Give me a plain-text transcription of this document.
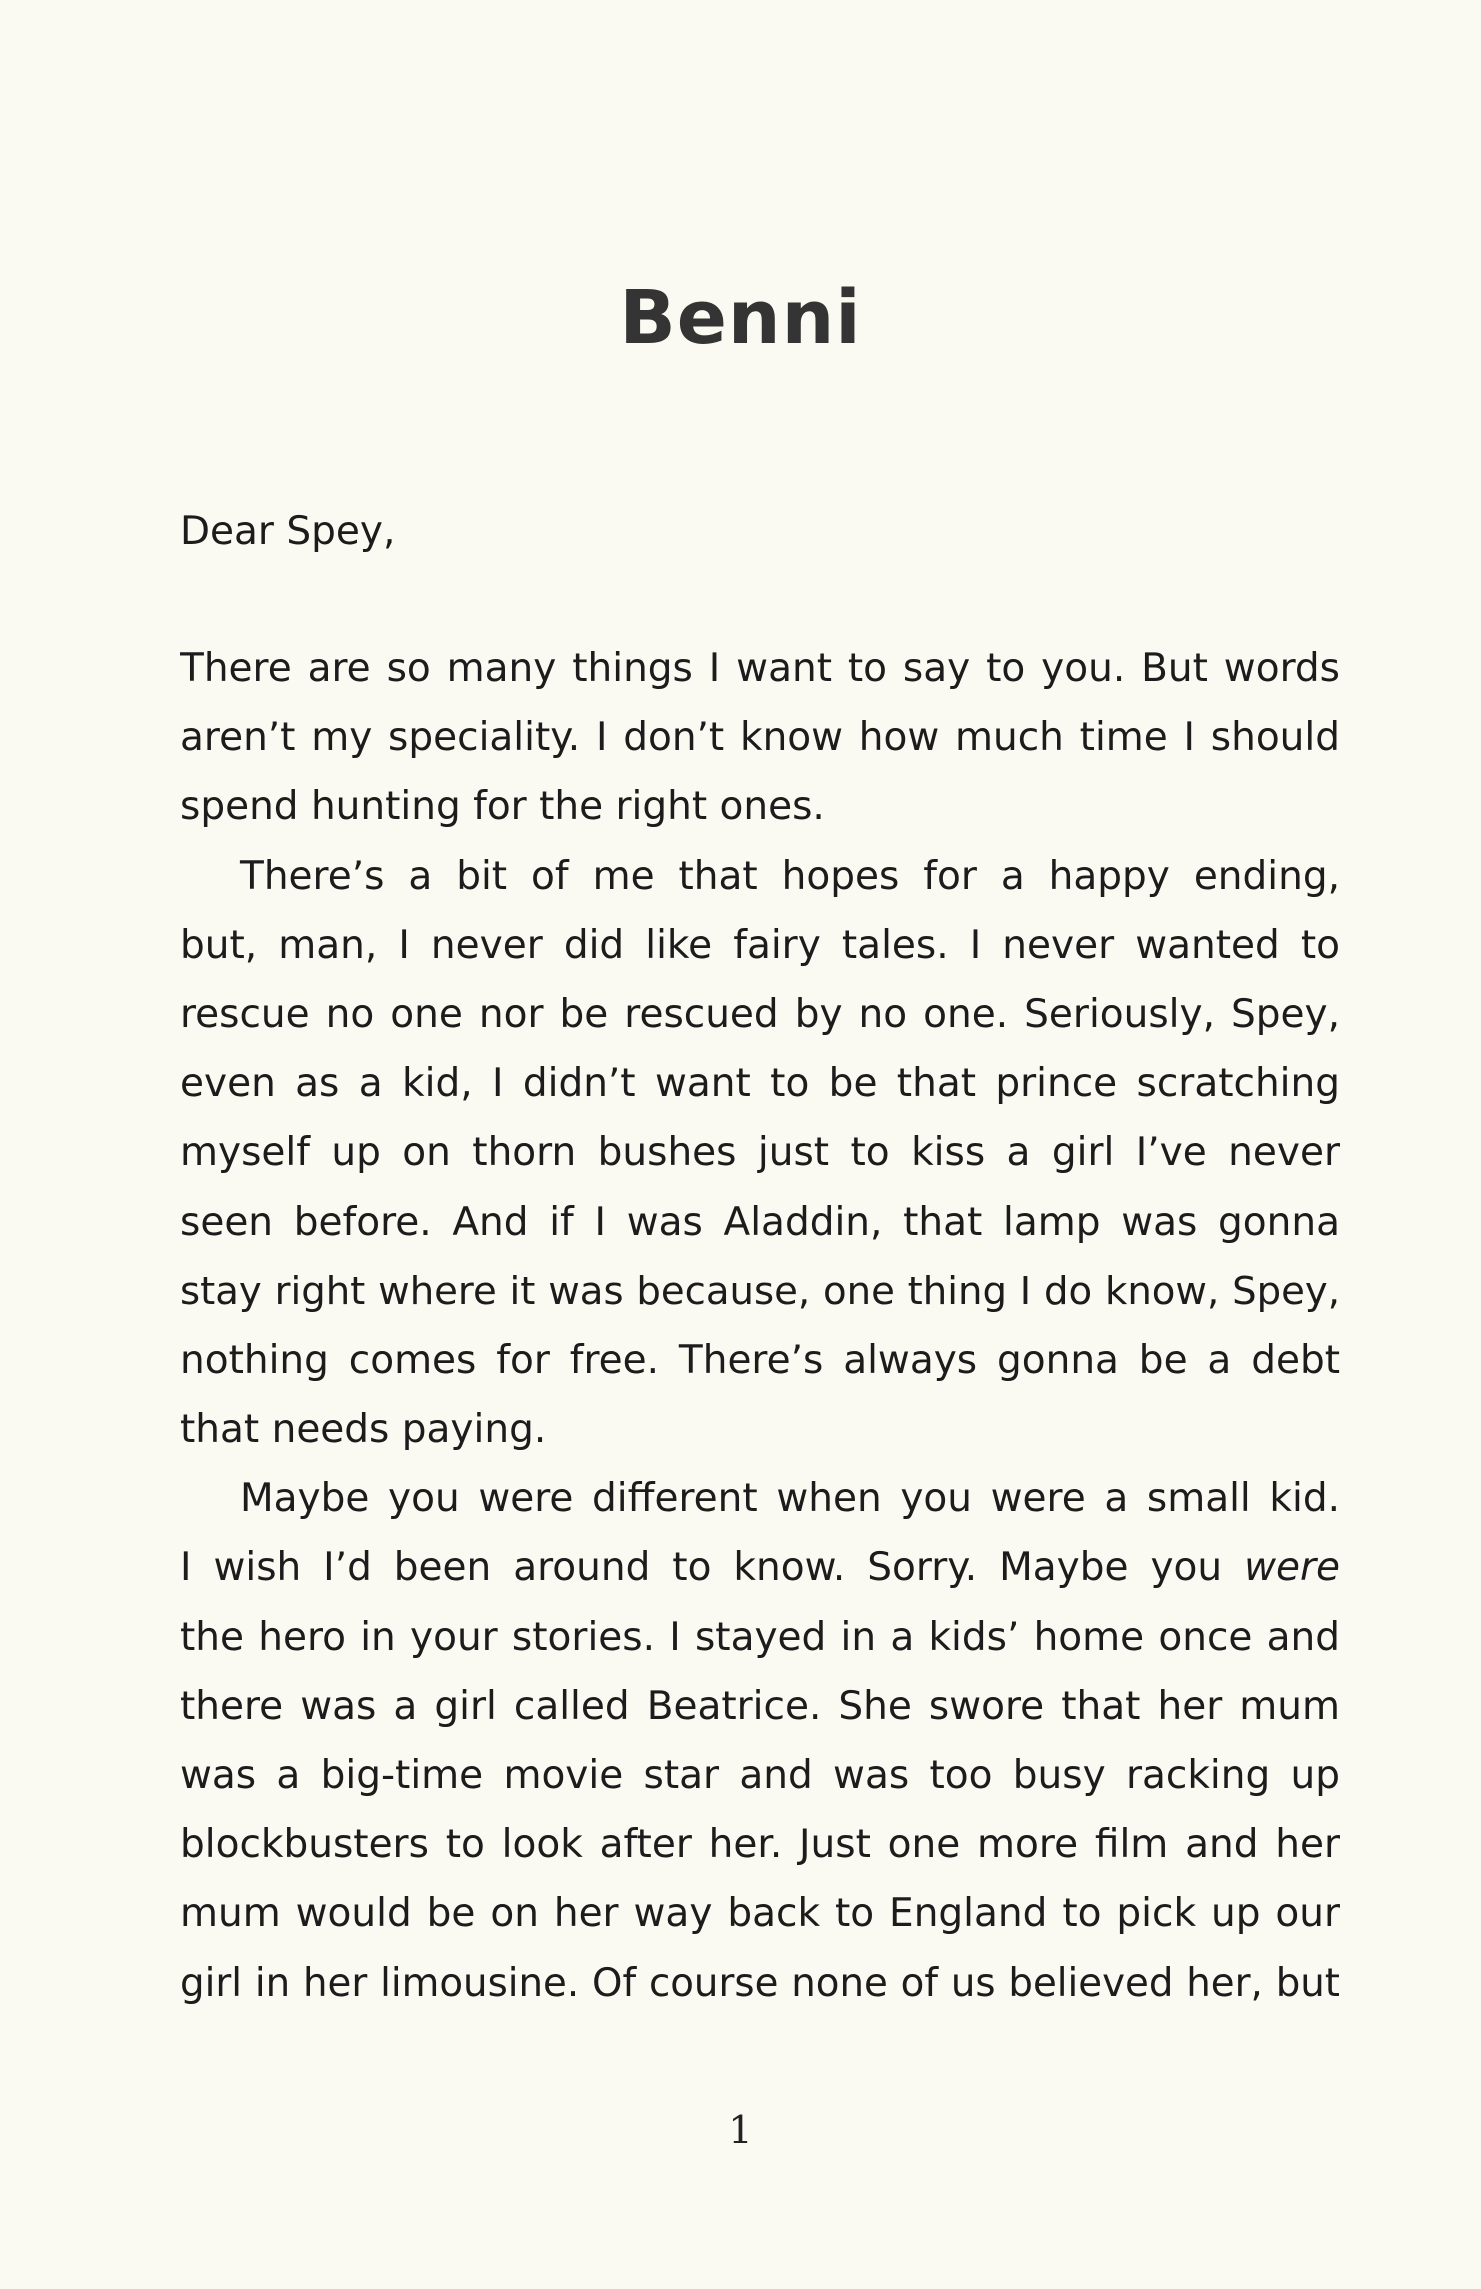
Benni

Dear Spey,

There are so many things I want to say to you. But words
aren’t my speciality. I don’t know how much time I should
spend hunting for the right ones.

There’s a bit of me that hopes for a happy ending,
but, man, I never did like fairy tales. I never wanted to
rescue no one nor be rescued by no one. Seriously, Spey,
even as a kid, I didn’t want to be that prince scratching
myself up on thorn bushes just to kiss a girl I’ve never
seen before. And if I was Aladdin, that lamp was gonna
stay right where it was because, one thing I do know, Spey,
nothing comes for free. There’s always gonna be a debt
that needs paying.

Maybe you were different when you were a small kid.
I wish I’d been around to know. Sorry. Maybe you were
the hero in your stories. I stayed in a kids’ home once and
there was a girl called Beatrice. She swore that her mum
was a big-time movie star and was too busy racking up
blockbusters to look after her. Just one more film and her
mum would be on her way back to England to pick up our
girl in her limousine. Of course none of us believed her, but

1
